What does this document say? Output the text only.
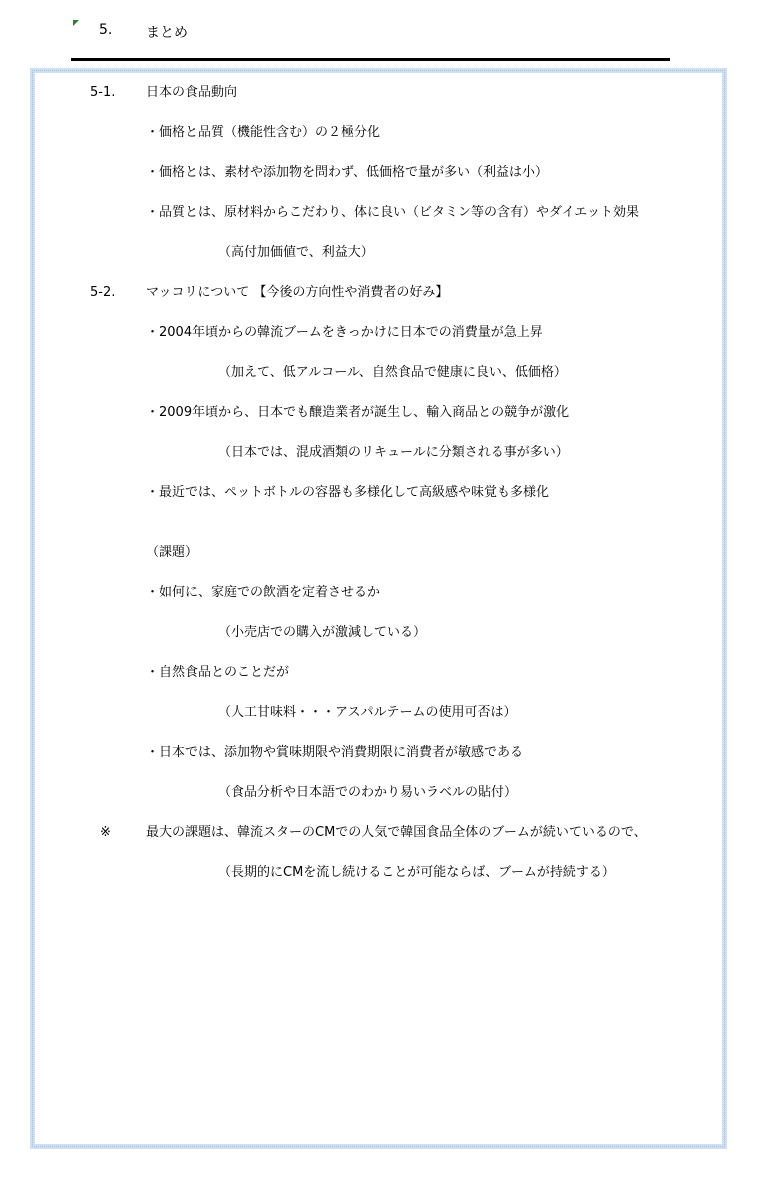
5. まとめ
5-1. 日本の食品動向
・価格と品質（機能性含む）の２極分化
・価格とは、素材や添加物を問わず、低価格で量が多い（利益は小）
・品質とは、原材料からこだわり、体に良い（ビタミン等の含有）やダイエット効果
（高付加価値で、利益大）
5-2. マッコリについて 【今後の方向性や消費者の好み】
・2004年頃からの韓流ブームをきっかけに日本での消費量が急上昇
（加えて、低アルコール、自然食品で健康に良い、低価格）
・2009年頃から、日本でも醸造業者が誕生し、輸入商品との競争が激化
（日本では、混成酒類のリキュールに分類される事が多い）
・最近では、ペットボトルの容器も多様化して高級感や味覚も多様化
（課題）
・如何に、家庭での飲酒を定着させるか
（小売店での購入が激減している）
・自然食品とのことだが
（人工甘味料・・・アスパルテームの使用可否は）
・日本では、添加物や賞味期限や消費期限に消費者が敏感である
（食品分析や日本語でのわかり易いラベルの貼付）
※	最大の課題は、韓流スターのCMでの人気で韓国食品全体のブームが続いているので、
（長期的にCMを流し続けることが可能ならば、ブームが持続する）
